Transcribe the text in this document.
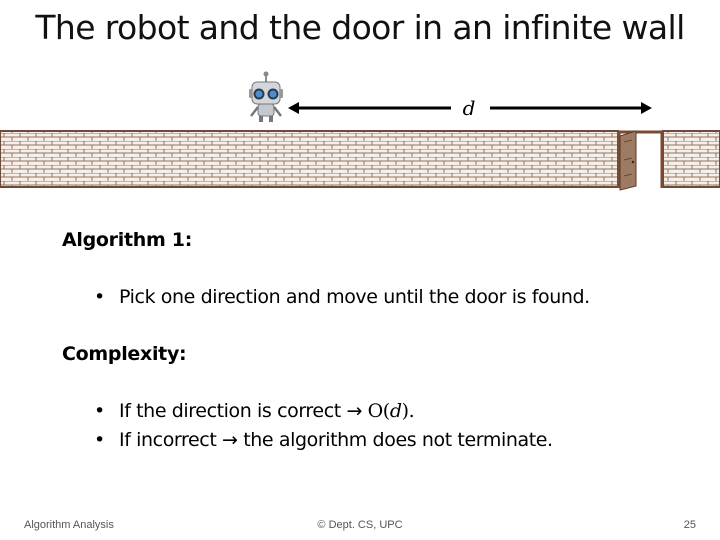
The robot and the door in an infinite wall
d
Algorithm 1:
• Pick one direction and move until the door is found.
Complexity:
• If the direction is correct → O(d).
• If incorrect → the algorithm does not terminate.
Algorithm Analysis	© Dept. CS, UPC	25
